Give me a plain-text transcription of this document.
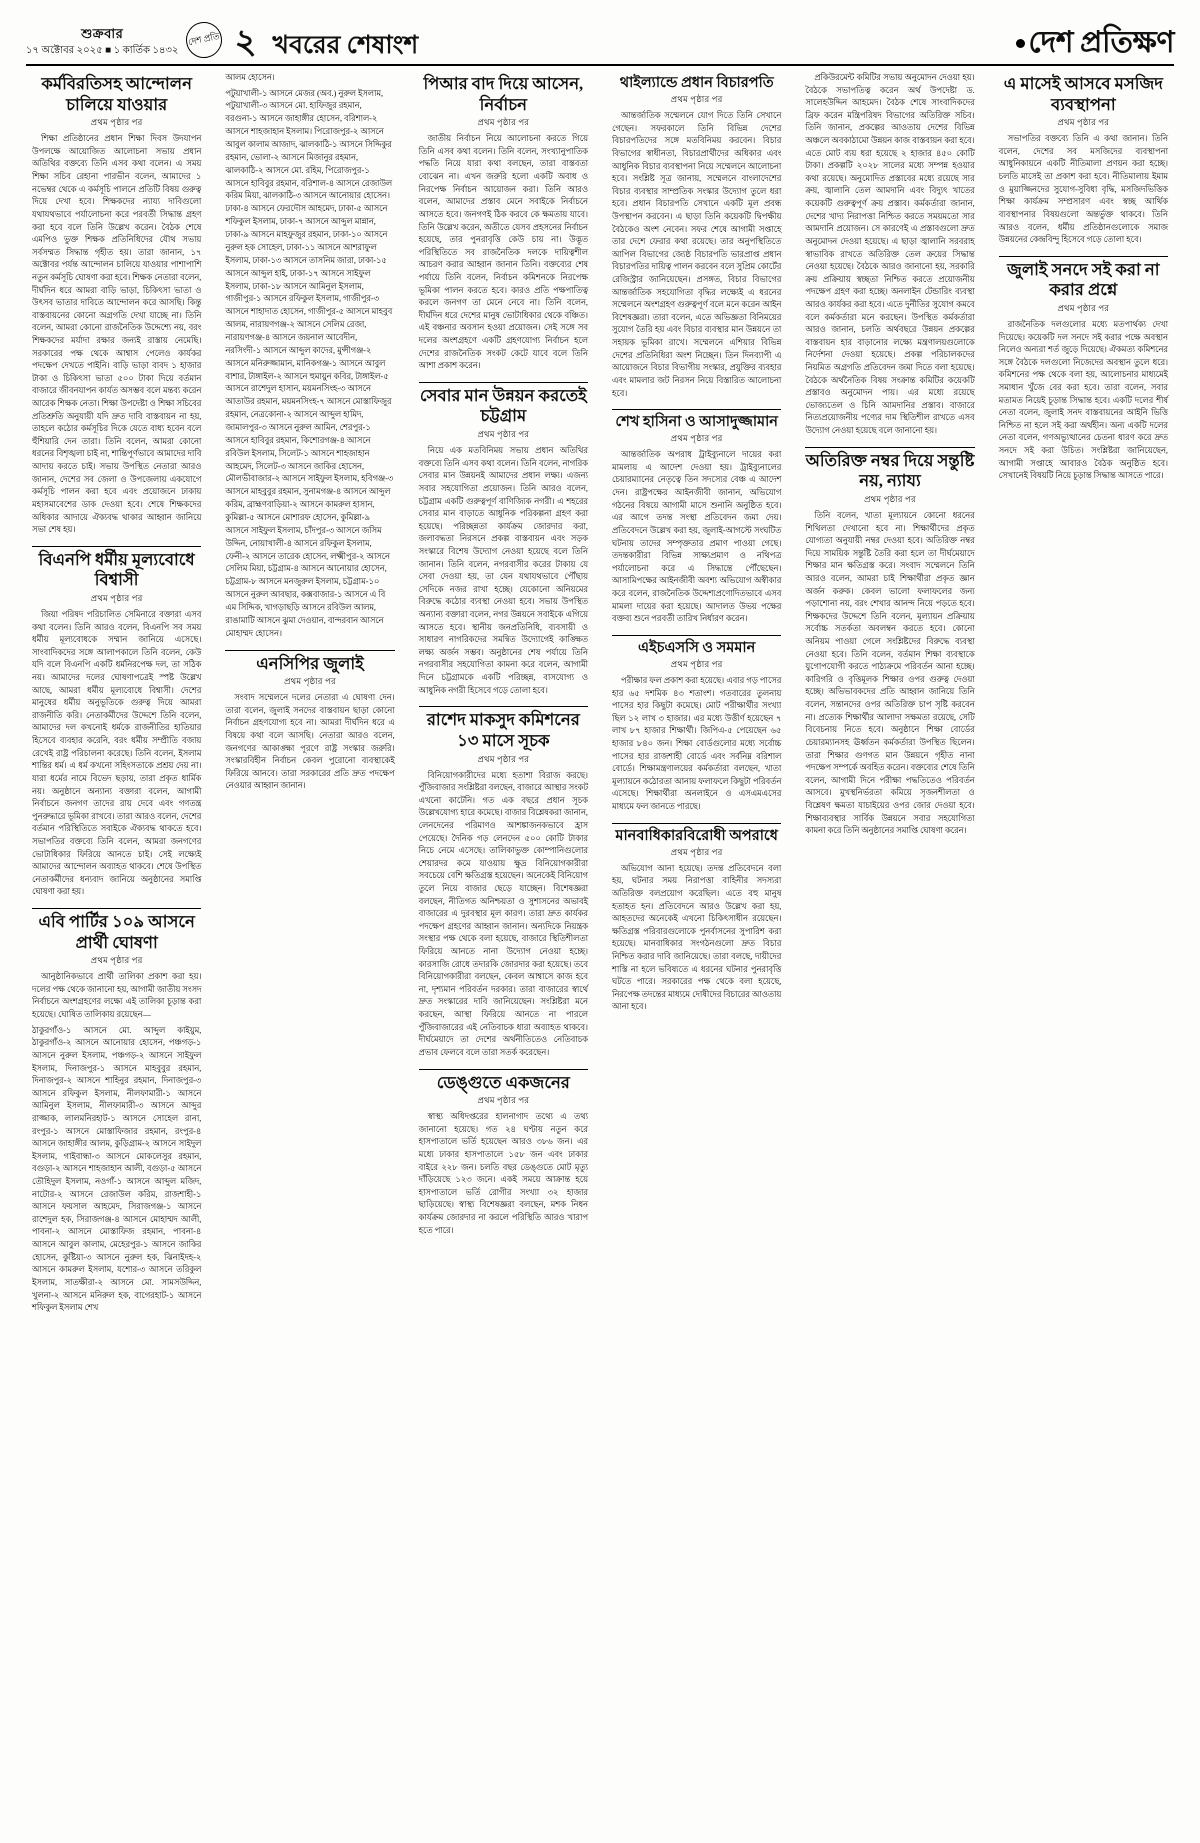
শুক্রবার
১৭ অক্টোবর ২০২৫ ■ ১ কার্তিক ১৪৩২
দেশ প্রতি ২ খবরের শেষাংশ	দেশ প্রতিক্ষণ
কর্মবিরতিসহ আন্দোলন চালিয়ে যাওয়ার
প্রথম পৃষ্ঠার পর

শিক্ষা প্রতিষ্ঠানের প্রধান শিক্ষা দিবস উদযাপন উপলক্ষে আয়োজিত আলোচনা সভায় প্রধান অতিথির বক্তব্যে তিনি এসব কথা বলেন। এ সময় শিক্ষা সচিব রেহানা পারভীন বলেন, আমাদের ১ নভেম্বর থেকে এ কর্মসূচি পালনে প্রতিটি বিষয় গুরুত্ব দিয়ে দেখা হবে। শিক্ষকদের ন্যায্য দাবিগুলো যথাযথভাবে পর্যালোচনা করে পরবর্তী সিদ্ধান্ত গ্রহণ করা হবে বলে তিনি উল্লেখ করেন। বৈঠক শেষে এমপিও ভুক্ত শিক্ষক প্রতিনিধিদের যৌথ সভায় সর্বসম্মত সিদ্ধান্ত গৃহীত হয়। তারা জানান, ১৭ অক্টোবর পর্যন্ত আন্দোলন চালিয়ে যাওয়ার পাশাপাশি নতুন কর্মসূচি ঘোষণা করা হবে। শিক্ষক নেতারা বলেন, দীর্ঘদিন ধরে আমরা বাড়ি ভাড়া, চিকিৎসা ভাতা ও উৎসব ভাতার দাবিতে আন্দোলন করে আসছি। কিন্তু বাস্তবায়নের কোনো অগ্রগতি দেখা যাচ্ছে না। তিনি বলেন, আমরা কোনো রাজনৈতিক উদ্দেশ্যে নয়, বরং শিক্ষকদের মর্যাদা রক্ষার জন্যই রাস্তায় নেমেছি। সরকারের পক্ষ থেকে আশ্বাস পেলেও কার্যকর পদক্ষেপ দেখতে পাইনি। বাড়ি ভাড়া বাবদ ১ হাজার টাকা ও চিকিৎসা ভাতা ৫০০ টাকা দিয়ে বর্তমান বাজারে জীবনযাপন কার্যত অসম্ভব বলে মন্তব্য করেন আরেক শিক্ষক নেতা। শিক্ষা উপদেষ্টা ও শিক্ষা সচিবের প্রতিশ্রুতি অনুযায়ী যদি দ্রুত দাবি বাস্তবায়ন না হয়, তাহলে কঠোর কর্মসূচির দিকে যেতে বাধ্য হবেন বলে হুঁশিয়ারি দেন তারা। তিনি বলেন, আমরা কোনো ধরনের বিশৃঙ্খলা চাই না, শান্তিপূর্ণভাবে আমাদের দাবি আদায় করতে চাই। সভায় উপস্থিত নেতারা আরও জানান, দেশের সব জেলা ও উপজেলায় একযোগে কর্মসূচি পালন করা হবে এবং প্রয়োজনে ঢাকায় মহাসমাবেশের ডাক দেওয়া হবে। শেষে শিক্ষকদের অধিকার আদায়ে ঐক্যবদ্ধ থাকার আহ্বান জানিয়ে সভা শেষ হয়।

বিএনপি ধর্মীয় মূল্যবোধে বিশ্বাসী
প্রথম পৃষ্ঠার পর

জিয়া পরিষদ পরিচালিত সেমিনারে বক্তারা এসব কথা বলেন। তিনি আরও বলেন, বিএনপি সব সময় ধর্মীয় মূল্যবোধকে সম্মান জানিয়ে এসেছে। সাংবাদিকদের সঙ্গে আলাপকালে তিনি বলেন, কেউ যদি বলে বিএনপি একটি ধর্মনিরপেক্ষ দল, তা সঠিক নয়। আমাদের দলের ঘোষণাপত্রেই স্পষ্ট উল্লেখ আছে, আমরা ধর্মীয় মূল্যবোধে বিশ্বাসী। দেশের মানুষের ধর্মীয় অনুভূতিকে গুরুত্ব দিয়ে আমরা রাজনীতি করি। নেতাকর্মীদের উদ্দেশে তিনি বলেন, আমাদের দল কখনোই ধর্মকে রাজনীতির হাতিয়ার হিসেবে ব্যবহার করেনি, বরং ধর্মীয় সম্প্রীতি বজায় রেখেই রাষ্ট্র পরিচালনা করেছে। তিনি বলেন, ইসলাম শান্তির ধর্ম। এ ধর্ম কখনো সহিংসতাকে প্রশ্রয় দেয় না। যারা ধর্মের নামে বিভেদ ছড়ায়, তারা প্রকৃত ধার্মিক নয়। অনুষ্ঠানে অন্যান্য বক্তারা বলেন, আগামী নির্বাচনে জনগণ তাদের রায় দেবে এবং গণতন্ত্র পুনরুদ্ধারে ভূমিকা রাখবে। তারা আরও বলেন, দেশের বর্তমান পরিস্থিতিতে সবাইকে ঐক্যবদ্ধ থাকতে হবে। সভাপতির বক্তব্যে তিনি বলেন, আমরা জনগণের ভোটাধিকার ফিরিয়ে আনতে চাই। সেই লক্ষ্যেই আমাদের আন্দোলন অব্যাহত থাকবে। শেষে উপস্থিত নেতাকর্মীদের ধন্যবাদ জানিয়ে অনুষ্ঠানের সমাপ্তি ঘোষণা করা হয়।

এবি পার্টির ১০৯ আসনে প্রার্থী ঘোষণা
প্রথম পৃষ্ঠার পর

আনুষ্ঠানিকভাবে প্রার্থী তালিকা প্রকাশ করা হয়। দলের পক্ষ থেকে জানানো হয়, আগামী জাতীয় সংসদ নির্বাচনে অংশগ্রহণের লক্ষ্যে এই তালিকা চূড়ান্ত করা হয়েছে। ঘোষিত তালিকায় রয়েছেন—

ঠাকুরগাঁও-১ আসনে মো. আব্দুল কাইয়ুম, ঠাকুরগাঁও-২ আসনে আনোয়ার হোসেন, পঞ্চগড়-১ আসনে নুরুল ইসলাম, পঞ্চগড়-২ আসনে সাইফুল ইসলাম, দিনাজপুর-১ আসনে মাহবুবুর রহমান, দিনাজপুর-২ আসনে শাহিনুর রহমান, দিনাজপুর-৩ আসনে রফিকুল ইসলাম, নীলফামারী-১ আসনে আমিনুল ইসলাম, নীলফামারী-৩ আসনে আব্দুর রাজ্জাক, লালমনিরহাট-১ আসনে সোহেল রানা, রংপুর-১ আসনে মোস্তাফিজার রহমান, রংপুর-৪ আসনে জাহাঙ্গীর আলম, কুড়িগ্রাম-২ আসনে সাইদুল ইসলাম, গাইবান্ধা-৩ আসনে মোকলেসুর রহমান, বগুড়া-২ আসনে শাহজাহান আলী, বগুড়া-৫ আসনে তৌহিদুল ইসলাম, নওগাঁ-১ আসনে আব্দুল মজিদ, নাটোর-২ আসনে রেজাউল করিম, রাজশাহী-১ আসনে ফয়সাল আহমেদ, সিরাজগঞ্জ-১ আসনে রাশেদুল হক, সিরাজগঞ্জ-৪ আসনে মোহাম্মদ আলী, পাবনা-২ আসনে মোস্তাফিজ রহমান, পাবনা-৪ আসনে আবুল কালাম, মেহেরপুর-১ আসনে জাকির হোসেন, কুষ্টিয়া-৩ আসনে নুরুল হক, ঝিনাইদহ-২ আসনে কামরুল ইসলাম, যশোর-৩ আসনে তরিকুল ইসলাম, সাতক্ষীরা-২ আসনে মো. সামসউদ্দিন, খুলনা-২ আসনে মনিরুল হক, বাগেরহাট-১ আসনে শফিকুল ইসলাম শেখ

আলম হোসেন।

পটুয়াখালী-১ আসনে মেজর (অব.) নুরুল ইসলাম, পটুয়াখালী-৩ আসনে মো. হাফিজুর রহমান, বরগুনা-১ আসনে জাহাঙ্গীর হোসেন, বরিশাল-২ আসনে শাহজাহান ইসলাম। পিরোজপুর-২ আসনে আবুল কালাম আজাদ, ঝালকাঠি-১ আসনে সিদ্দিকুর রহমান, ভোলা-২ আসনে মিজানুর রহমান, ঝালকাঠি-২ আসনে মো. রহিম, পিরোজপুর-১ আসনে হাবিবুর রহমান, বরিশাল-৪ আসনে রেজাউল করিম মিয়া, ঝালকাঠি-৩ আসনে আনোয়ার হোসেন। ঢাকা-৪ আসনে ফেরদৌস আহমেদ, ঢাকা-৫ আসনে শফিকুল ইসলাম, ঢাকা-৭ আসনে আব্দুল মান্নান, ঢাকা-৯ আসনে মাহফুজুর রহমান, ঢাকা-১০ আসনে নুরুল হক সোহেল, ঢাকা-১১ আসনে আশরাফুল ইসলাম, ঢাকা-১৩ আসনে তাসনিম জারা, ঢাকা-১৫ আসনে আব্দুল হাই, ঢাকা-১৭ আসনে সাইফুল ইসলাম, ঢাকা-১৮ আসনে আমিনুল ইসলাম, গাজীপুর-১ আসনে রফিকুল ইসলাম, গাজীপুর-৩ আসনে শাহাদাত হোসেন, গাজীপুর-৫ আসনে মাহবুব আলম, নারায়ণগঞ্জ-২ আসনে সেলিম রেজা, নারায়ণগঞ্জ-৪ আসনে জয়নাল আবেদীন, নরসিংদী-১ আসনে আব্দুল কাদের, মুন্সীগঞ্জ-২ আসনে মনিরুজ্জামান, মানিকগঞ্জ-১ আসনে আবুল বাশার, টাঙ্গাইল-২ আসনে হুমায়ুন কবির, টাঙ্গাইল-৫ আসনে রাশেদুল হাসান, ময়মনসিংহ-৩ আসনে আতাউর রহমান, ময়মনসিংহ-৭ আসনে মোস্তাফিজুর রহমান, নেত্রকোনা-২ আসনে আব্দুল হামিদ, জামালপুর-৩ আসনে নুরুল আমিন, শেরপুর-১ আসনে হাবিবুর রহমান, কিশোরগঞ্জ-৪ আসনে রবিউল ইসলাম, সিলেট-১ আসনে শাহজাহান আহমেদ, সিলেট-৩ আসনে জাকির হোসেন, মৌলভীবাজার-২ আসনে সাইফুল ইসলাম, হবিগঞ্জ-৩ আসনে মাহবুবুর রহমান, সুনামগঞ্জ-৪ আসনে আব্দুল করিম, ব্রাহ্মণবাড়িয়া-২ আসনে কামরুল হাসান, কুমিল্লা-৫ আসনে মোশারফ হোসেন, কুমিল্লা-৯ আসনে সাইফুল ইসলাম, চাঁদপুর-৩ আসনে জসিম উদ্দিন, নোয়াখালী-৪ আসনে রফিকুল ইসলাম, ফেনী-২ আসনে তারেক হোসেন, লক্ষ্মীপুর-২ আসনে সেলিম মিয়া, চট্টগ্রাম-৪ আসনে আনোয়ার হোসেন, চট্টগ্রাম-৮ আসনে মনজুরুল ইসলাম, চট্টগ্রাম-১০ আসনে নুরুল আবছার, কক্সবাজার-১ আসনে এ বি এম সিদ্দিক, খাগড়াছড়ি আসনে রবিউল আলম, রাঙামাটি আসনে ঝুমা দেওয়ান, বান্দরবান আসনে মোহাম্মদ হোসেন।

এনসিপির জুলাই
প্রথম পৃষ্ঠার পর

সংবাদ সম্মেলনে দলের নেতারা এ ঘোষণা দেন। তারা বলেন, জুলাই সনদের বাস্তবায়ন ছাড়া কোনো নির্বাচন গ্রহণযোগ্য হবে না। আমরা দীর্ঘদিন ধরে এ বিষয়ে কথা বলে আসছি। নেতারা আরও বলেন, জনগণের আকাঙ্ক্ষা পূরণে রাষ্ট্র সংস্কার জরুরি। সংস্কারবিহীন নির্বাচন কেবল পুরোনো ব্যবস্থাকেই ফিরিয়ে আনবে। তারা সরকারের প্রতি দ্রুত পদক্ষেপ নেওয়ার আহ্বান জানান।

পিআর বাদ দিয়ে আসেন, নির্বাচন
প্রথম পৃষ্ঠার পর

জাতীয় নির্বাচন নিয়ে আলোচনা করতে গিয়ে তিনি এসব কথা বলেন। তিনি বলেন, সংখ্যানুপাতিক পদ্ধতি নিয়ে যারা কথা বলছেন, তারা বাস্তবতা বোঝেন না। এখন জরুরি হলো একটি অবাধ ও নিরপেক্ষ নির্বাচন আয়োজন করা। তিনি আরও বলেন, আমাদের প্রস্তাব মেনে সবাইকে নির্বাচনে আসতে হবে। জনগণই ঠিক করবে কে ক্ষমতায় যাবে। তিনি উল্লেখ করেন, অতীতে যেসব প্রহসনের নির্বাচন হয়েছে, তার পুনরাবৃত্তি কেউ চায় না। উদ্ভূত পরিস্থিতিতে সব রাজনৈতিক দলকে দায়িত্বশীল আচরণ করার আহ্বান জানান তিনি। বক্তব্যের শেষ পর্যায়ে তিনি বলেন, নির্বাচন কমিশনকে নিরপেক্ষ ভূমিকা পালন করতে হবে। কারও প্রতি পক্ষপাতিত্ব করলে জনগণ তা মেনে নেবে না। তিনি বলেন, দীর্ঘদিন ধরে দেশের মানুষ ভোটাধিকার থেকে বঞ্চিত। এই বঞ্চনার অবসান হওয়া প্রয়োজন। সেই সঙ্গে সব দলের অংশগ্রহণে একটি গ্রহণযোগ্য নির্বাচন হলে দেশের রাজনৈতিক সংকট কেটে যাবে বলে তিনি আশা প্রকাশ করেন।

সেবার মান উন্নয়ন করতেই চট্টগ্রাম
প্রথম পৃষ্ঠার পর

নিয়ে এক মতবিনিময় সভায় প্রধান অতিথির বক্তব্যে তিনি এসব কথা বলেন। তিনি বলেন, নাগরিক সেবার মান উন্নয়নই আমাদের প্রধান লক্ষ্য। এজন্য সবার সহযোগিতা প্রয়োজন। তিনি আরও বলেন, চট্টগ্রাম একটি গুরুত্বপূর্ণ বাণিজ্যিক নগরী। এ শহরের সেবার মান বাড়াতে আধুনিক পরিকল্পনা গ্রহণ করা হয়েছে। পরিচ্ছন্নতা কার্যক্রম জোরদার করা, জলাবদ্ধতা নিরসনে প্রকল্প বাস্তবায়ন এবং সড়ক সংস্কারে বিশেষ উদ্যোগ নেওয়া হয়েছে বলে তিনি জানান। তিনি বলেন, নগরবাসীর করের টাকায় যে সেবা দেওয়া হয়, তা যেন যথাযথভাবে পৌঁছায় সেদিকে নজর রাখা হচ্ছে। যেকোনো অনিয়মের বিরুদ্ধে কঠোর ব্যবস্থা নেওয়া হবে। সভায় উপস্থিত অন্যান্য বক্তারা বলেন, নগর উন্নয়নে সবাইকে এগিয়ে আসতে হবে। স্থানীয় জনপ্রতিনিধি, ব্যবসায়ী ও সাধারণ নাগরিকদের সমন্বিত উদ্যোগেই কাঙ্ক্ষিত লক্ষ্য অর্জন সম্ভব। অনুষ্ঠানের শেষ পর্যায়ে তিনি নগরবাসীর সহযোগিতা কামনা করে বলেন, আগামী দিনে চট্টগ্রামকে একটি পরিচ্ছন্ন, বাসযোগ্য ও আধুনিক নগরী হিসেবে গড়ে তোলা হবে।

রাশেদ মাকসুদ কমিশনের ১৩ মাসে সূচক
প্রথম পৃষ্ঠার পর

বিনিয়োগকারীদের মধ্যে হতাশা বিরাজ করছে। পুঁজিবাজার সংশ্লিষ্টরা বলছেন, বাজারে আস্থার সংকট এখনো কাটেনি। গত এক বছরে প্রধান সূচক উল্লেখযোগ্য হারে কমেছে। বাজার বিশ্লেষকরা জানান, লেনদেনের পরিমাণও আশঙ্কাজনকভাবে হ্রাস পেয়েছে। দৈনিক গড় লেনদেন ৫০০ কোটি টাকার নিচে নেমে এসেছে। তালিকাভুক্ত কোম্পানিগুলোর শেয়ারদর কমে যাওয়ায় ক্ষুদ্র বিনিয়োগকারীরা সবচেয়ে বেশি ক্ষতিগ্রস্ত হয়েছেন। অনেকেই বিনিয়োগ তুলে নিয়ে বাজার ছেড়ে যাচ্ছেন। বিশেষজ্ঞরা বলছেন, নীতিগত অনিশ্চয়তা ও সুশাসনের অভাবই বাজারের এ দুরবস্থার মূল কারণ। তারা দ্রুত কার্যকর পদক্ষেপ গ্রহণের আহ্বান জানান। অন্যদিকে নিয়ন্ত্রক সংস্থার পক্ষ থেকে বলা হয়েছে, বাজারে স্থিতিশীলতা ফিরিয়ে আনতে নানা উদ্যোগ নেওয়া হচ্ছে। কারসাজি রোধে তদারকি জোরদার করা হয়েছে। তবে বিনিয়োগকারীরা বলছেন, কেবল আশ্বাসে কাজ হবে না, দৃশ্যমান পরিবর্তন দরকার। তারা বাজারের স্বার্থে দ্রুত সংস্কারের দাবি জানিয়েছেন। সংশ্লিষ্টরা মনে করছেন, আস্থা ফিরিয়ে আনতে না পারলে পুঁজিবাজারের এই নেতিবাচক ধারা অব্যাহত থাকবে। দীর্ঘমেয়াদে তা দেশের অর্থনীতিতেও নেতিবাচক প্রভাব ফেলবে বলে তারা সতর্ক করেছেন।

ডেঙ্গুতে একজনের
প্রথম পৃষ্ঠার পর

স্বাস্থ্য অধিদপ্তরের হালনাগাদ তথ্যে এ তথ্য জানানো হয়েছে। গত ২৪ ঘণ্টায় নতুন করে হাসপাতালে ভর্তি হয়েছেন আরও ৩৮৬ জন। এর মধ্যে ঢাকার হাসপাতালে ১৫৮ জন এবং ঢাকার বাইরে ২২৮ জন। চলতি বছর ডেঙ্গুতে মোট মৃত্যু দাঁড়িয়েছে ১২৩ জনে। একই সময়ে আক্রান্ত হয়ে হাসপাতালে ভর্তি রোগীর সংখ্যা ৩২ হাজার ছাড়িয়েছে। স্বাস্থ্য বিশেষজ্ঞরা বলছেন, মশক নিধন কার্যক্রম জোরদার না করলে পরিস্থিতি আরও খারাপ হতে পারে।

থাইল্যান্ডে প্রধান বিচারপতি
প্রথম পৃষ্ঠার পর

আন্তর্জাতিক সম্মেলনে যোগ দিতে তিনি সেখানে গেছেন। সফরকালে তিনি বিভিন্ন দেশের বিচারপতিদের সঙ্গে মতবিনিময় করবেন। বিচার বিভাগের স্বাধীনতা, বিচারপ্রার্থীদের অধিকার এবং আধুনিক বিচার ব্যবস্থাপনা নিয়ে সম্মেলনে আলোচনা হবে। সংশ্লিষ্ট সূত্র জানায়, সম্মেলনে বাংলাদেশের বিচার ব্যবস্থার সাম্প্রতিক সংস্কার উদ্যোগ তুলে ধরা হবে। প্রধান বিচারপতি সেখানে একটি মূল প্রবন্ধ উপস্থাপন করবেন। এ ছাড়া তিনি কয়েকটি দ্বিপক্ষীয় বৈঠকেও অংশ নেবেন। সফর শেষে আগামী সপ্তাহে তার দেশে ফেরার কথা রয়েছে। তার অনুপস্থিতিতে আপিল বিভাগের জ্যেষ্ঠ বিচারপতি ভারপ্রাপ্ত প্রধান বিচারপতির দায়িত্ব পালন করবেন বলে সুপ্রিম কোর্টের রেজিস্ট্রার জানিয়েছেন। প্রসঙ্গত, বিচার বিভাগের আন্তর্জাতিক সহযোগিতা বৃদ্ধির লক্ষ্যেই এ ধরনের সম্মেলনে অংশগ্রহণ গুরুত্বপূর্ণ বলে মনে করেন আইন বিশেষজ্ঞরা। তারা বলেন, এতে অভিজ্ঞতা বিনিময়ের সুযোগ তৈরি হয় এবং বিচার ব্যবস্থার মান উন্নয়নে তা সহায়ক ভূমিকা রাখে। সম্মেলনে এশিয়ার বিভিন্ন দেশের প্রতিনিধিরা অংশ নিচ্ছেন। তিন দিনব্যাপী এ আয়োজনে বিচার বিভাগীয় সংস্কার, প্রযুক্তির ব্যবহার এবং মামলার জট নিরসন নিয়ে বিস্তারিত আলোচনা হবে।

শেখ হাসিনা ও আসাদুজ্জামান
প্রথম পৃষ্ঠার পর

আন্তর্জাতিক অপরাধ ট্রাইব্যুনালে দায়ের করা মামলায় এ আদেশ দেওয়া হয়। ট্রাইব্যুনালের চেয়ারম্যানের নেতৃত্বে তিন সদস্যের বেঞ্চ এ আদেশ দেন। রাষ্ট্রপক্ষের আইনজীবী জানান, অভিযোগ গঠনের বিষয়ে আগামী মাসে শুনানি অনুষ্ঠিত হবে। এর আগে তদন্ত সংস্থা প্রতিবেদন জমা দেয়। প্রতিবেদনে উল্লেখ করা হয়, জুলাই-আগস্টে সংঘটিত ঘটনায় তাদের সম্পৃক্ততার প্রমাণ পাওয়া গেছে। তদন্তকারীরা বিভিন্ন সাক্ষ্যপ্রমাণ ও নথিপত্র পর্যালোচনা করে এ সিদ্ধান্তে পৌঁছেছেন। আসামিপক্ষের আইনজীবী অবশ্য অভিযোগ অস্বীকার করে বলেন, রাজনৈতিক উদ্দেশ্যপ্রণোদিতভাবে এসব মামলা দায়ের করা হয়েছে। আদালত উভয় পক্ষের বক্তব্য শুনে পরবর্তী তারিখ নির্ধারণ করেন।

এইচএসসি ও সমমান
প্রথম পৃষ্ঠার পর

পরীক্ষার ফল প্রকাশ করা হয়েছে। এবার গড় পাসের হার ৬৫ দশমিক ৪৩ শতাংশ। গতবারের তুলনায় পাসের হার কিছুটা কমেছে। মোট পরীক্ষার্থীর সংখ্যা ছিল ১২ লাখ ৩ হাজার। এর মধ্যে উত্তীর্ণ হয়েছেন ৭ লাখ ৮৭ হাজার শিক্ষার্থী। জিপিএ-৫ পেয়েছেন ৬৫ হাজার ৮৪০ জন। শিক্ষা বোর্ডগুলোর মধ্যে সর্বোচ্চ পাসের হার রাজশাহী বোর্ডে এবং সর্বনিম্ন বরিশাল বোর্ডে। শিক্ষামন্ত্রণালয়ের কর্মকর্তারা বলছেন, খাতা মূল্যায়নে কঠোরতা আনায় ফলাফলে কিছুটা পরিবর্তন এসেছে। শিক্ষার্থীরা অনলাইনে ও এসএমএসের মাধ্যমে ফল জানতে পারছে।

মানবাধিকারবিরোধী অপরাধে
প্রথম পৃষ্ঠার পর

অভিযোগ আনা হয়েছে। তদন্ত প্রতিবেদনে বলা হয়, ঘটনার সময় নিরাপত্তা বাহিনীর সদস্যরা অতিরিক্ত বলপ্রয়োগ করেছিল। এতে বহু মানুষ হতাহত হন। প্রতিবেদনে আরও উল্লেখ করা হয়, আহতদের অনেকেই এখনো চিকিৎসাধীন রয়েছেন। ক্ষতিগ্রস্ত পরিবারগুলোকে পুনর্বাসনের সুপারিশ করা হয়েছে। মানবাধিকার সংগঠনগুলো দ্রুত বিচার নিশ্চিত করার দাবি জানিয়েছে। তারা বলছে, দায়ীদের শাস্তি না হলে ভবিষ্যতে এ ধরনের ঘটনার পুনরাবৃত্তি ঘটতে পারে। সরকারের পক্ষ থেকে বলা হয়েছে, নিরপেক্ষ তদন্তের মাধ্যমে দোষীদের বিচারের আওতায় আনা হবে।

প্রকিউরমেন্ট কমিটির সভায় অনুমোদন দেওয়া হয়। বৈঠকে সভাপতিত্ব করেন অর্থ উপদেষ্টা ড. সালেহউদ্দিন আহমেদ। বৈঠক শেষে সাংবাদিকদের ব্রিফ করেন মন্ত্রিপরিষদ বিভাগের অতিরিক্ত সচিব। তিনি জানান, প্রকল্পের আওতায় দেশের বিভিন্ন অঞ্চলে অবকাঠামো উন্নয়ন কাজ বাস্তবায়ন করা হবে। এতে মোট ব্যয় ধরা হয়েছে ২ হাজার ৪৫০ কোটি টাকা। প্রকল্পটি ২০২৮ সালের মধ্যে সম্পন্ন হওয়ার কথা রয়েছে। অনুমোদিত প্রস্তাবের মধ্যে রয়েছে সার ক্রয়, জ্বালানি তেল আমদানি এবং বিদ্যুৎ খাতের কয়েকটি গুরুত্বপূর্ণ ক্রয় প্রস্তাব। কর্মকর্তারা জানান, দেশের খাদ্য নিরাপত্তা নিশ্চিত করতে সময়মতো সার আমদানি প্রয়োজন। সে কারণেই এ প্রস্তাবগুলো দ্রুত অনুমোদন দেওয়া হয়েছে। এ ছাড়া জ্বালানি সরবরাহ স্বাভাবিক রাখতে অতিরিক্ত তেল ক্রয়ের সিদ্ধান্ত নেওয়া হয়েছে। বৈঠকে আরও জানানো হয়, সরকারি ক্রয় প্রক্রিয়ায় স্বচ্ছতা নিশ্চিত করতে প্রয়োজনীয় পদক্ষেপ গ্রহণ করা হচ্ছে। অনলাইন টেন্ডারিং ব্যবস্থা আরও কার্যকর করা হবে। এতে দুর্নীতির সুযোগ কমবে বলে কর্মকর্তারা মনে করছেন। উপস্থিত কর্মকর্তারা আরও জানান, চলতি অর্থবছরে উন্নয়ন প্রকল্পের বাস্তবায়ন হার বাড়ানোর লক্ষ্যে মন্ত্রণালয়গুলোকে নির্দেশনা দেওয়া হয়েছে। প্রকল্প পরিচালকদের নিয়মিত অগ্রগতি প্রতিবেদন জমা দিতে বলা হয়েছে। বৈঠকে অর্থনৈতিক বিষয় সংক্রান্ত কমিটির কয়েকটি প্রস্তাবও অনুমোদন পায়। এর মধ্যে রয়েছে ভোজ্যতেল ও চিনি আমদানির প্রস্তাব। বাজারে নিত্যপ্রয়োজনীয় পণ্যের দাম স্থিতিশীল রাখতে এসব উদ্যোগ নেওয়া হয়েছে বলে জানানো হয়।

অতিরিক্ত নম্বর দিয়ে সন্তুষ্টি নয়, ন্যায্য
প্রথম পৃষ্ঠার পর

তিনি বলেন, খাতা মূল্যায়নে কোনো ধরনের শিথিলতা দেখানো হবে না। শিক্ষার্থীদের প্রকৃত যোগ্যতা অনুযায়ী নম্বর দেওয়া হবে। অতিরিক্ত নম্বর দিয়ে সাময়িক সন্তুষ্টি তৈরি করা হলে তা দীর্ঘমেয়াদে শিক্ষার মান ক্ষতিগ্রস্ত করে। সংবাদ সম্মেলনে তিনি আরও বলেন, আমরা চাই শিক্ষার্থীরা প্রকৃত জ্ঞান অর্জন করুক। কেবল ভালো ফলাফলের জন্য পড়াশোনা নয়, বরং শেখার আনন্দ নিয়ে পড়তে হবে। শিক্ষকদের উদ্দেশে তিনি বলেন, মূল্যায়ন প্রক্রিয়ায় সর্বোচ্চ সতর্কতা অবলম্বন করতে হবে। কোনো অনিয়ম পাওয়া গেলে সংশ্লিষ্টদের বিরুদ্ধে ব্যবস্থা নেওয়া হবে। তিনি বলেন, বর্তমান শিক্ষা ব্যবস্থাকে যুগোপযোগী করতে পাঠ্যক্রমে পরিবর্তন আনা হচ্ছে। কারিগরি ও বৃত্তিমূলক শিক্ষার ওপর গুরুত্ব দেওয়া হচ্ছে। অভিভাবকদের প্রতি আহ্বান জানিয়ে তিনি বলেন, সন্তানদের ওপর অতিরিক্ত চাপ সৃষ্টি করবেন না। প্রত্যেক শিক্ষার্থীর আলাদা সক্ষমতা রয়েছে, সেটি বিবেচনায় নিতে হবে। অনুষ্ঠানে শিক্ষা বোর্ডের চেয়ারম্যানসহ ঊর্ধ্বতন কর্মকর্তারা উপস্থিত ছিলেন। তারা শিক্ষার গুণগত মান উন্নয়নে গৃহীত নানা পদক্ষেপ সম্পর্কে অবহিত করেন। বক্তব্যের শেষে তিনি বলেন, আগামী দিনে পরীক্ষা পদ্ধতিতেও পরিবর্তন আসবে। মুখস্থনির্ভরতা কমিয়ে সৃজনশীলতা ও বিশ্লেষণ ক্ষমতা যাচাইয়ের ওপর জোর দেওয়া হবে। শিক্ষাব্যবস্থার সার্বিক উন্নয়নে সবার সহযোগিতা কামনা করে তিনি অনুষ্ঠানের সমাপ্তি ঘোষণা করেন।

এ মাসেই আসবে মসজিদ ব্যবস্থাপনা
প্রথম পৃষ্ঠার পর

সভাপতির বক্তব্যে তিনি এ কথা জানান। তিনি বলেন, দেশের সব মসজিদের ব্যবস্থাপনা আধুনিকায়নে একটি নীতিমালা প্রণয়ন করা হচ্ছে। চলতি মাসেই তা প্রকাশ করা হবে। নীতিমালায় ইমাম ও মুয়াজ্জিনদের সুযোগ-সুবিধা বৃদ্ধি, মসজিদভিত্তিক শিক্ষা কার্যক্রম সম্প্রসারণ এবং স্বচ্ছ আর্থিক ব্যবস্থাপনার বিষয়গুলো অন্তর্ভুক্ত থাকবে। তিনি আরও বলেন, ধর্মীয় প্রতিষ্ঠানগুলোকে সমাজ উন্নয়নের কেন্দ্রবিন্দু হিসেবে গড়ে তোলা হবে।

জুলাই সনদে সই করা না করার প্রশ্নে
প্রথম পৃষ্ঠার পর

রাজনৈতিক দলগুলোর মধ্যে মতপার্থক্য দেখা দিয়েছে। কয়েকটি দল সনদে সই করার পক্ষে অবস্থান নিলেও অন্যরা শর্ত জুড়ে দিয়েছে। ঐকমত্য কমিশনের সঙ্গে বৈঠকে দলগুলো নিজেদের অবস্থান তুলে ধরে। কমিশনের পক্ষ থেকে বলা হয়, আলোচনার মাধ্যমেই সমাধান খুঁজে বের করা হবে। তারা বলেন, সবার মতামত নিয়েই চূড়ান্ত সিদ্ধান্ত হবে। একটি দলের শীর্ষ নেতা বলেন, জুলাই সনদ বাস্তবায়নের আইনি ভিত্তি নিশ্চিত না হলে সই করা অর্থহীন। অন্য একটি দলের নেতা বলেন, গণঅভ্যুত্থানের চেতনা ধারণ করে দ্রুত সনদে সই করা উচিত। সংশ্লিষ্টরা জানিয়েছেন, আগামী সপ্তাহে আবারও বৈঠক অনুষ্ঠিত হবে। সেখানেই বিষয়টি নিয়ে চূড়ান্ত সিদ্ধান্ত আসতে পারে।
